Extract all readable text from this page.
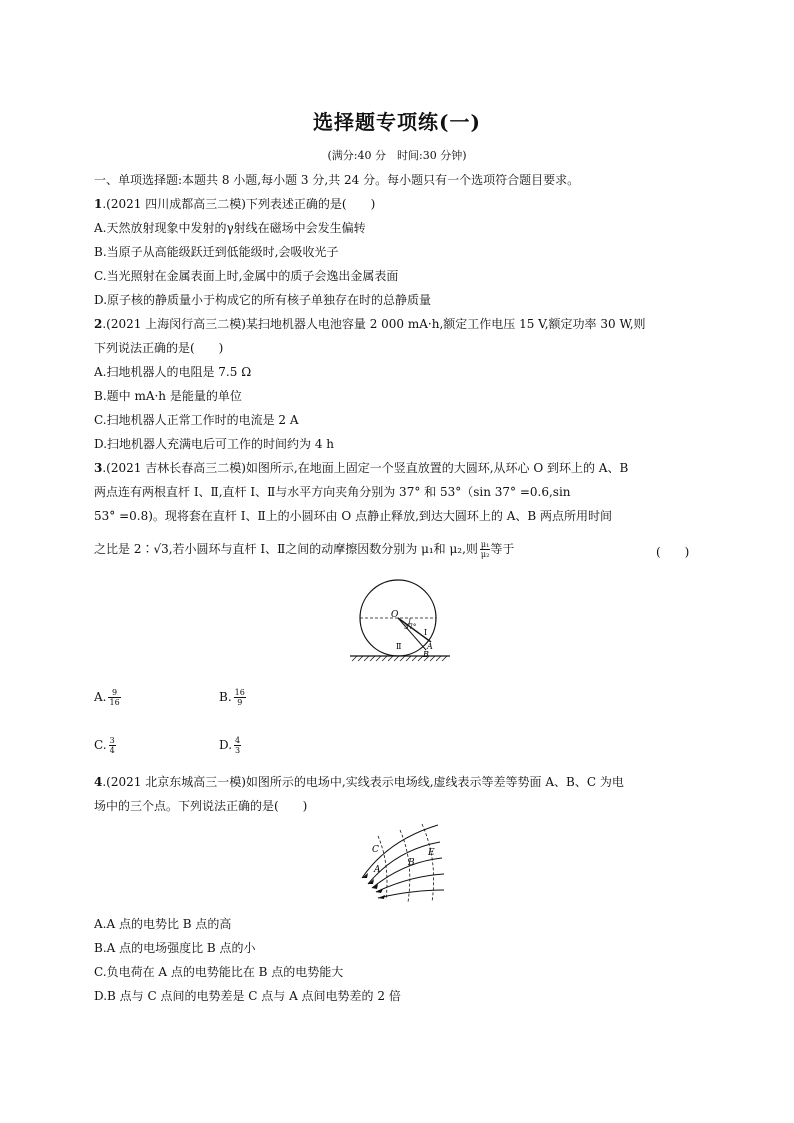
选择题专项练(一)
(满分:40 分　时间:30 分钟)
一、单项选择题:本题共 8 小题,每小题 3 分,共 24 分。每小题只有一个选项符合题目要求。
1.(2021 四川成都高三二模)下列表述正确的是(　　)
A.天然放射现象中发射的γ射线在磁场中会发生偏转
B.当原子从高能级跃迁到低能级时,会吸收光子
C.当光照射在金属表面上时,金属中的质子会逸出金属表面
D.原子核的静质量小于构成它的所有核子单独存在时的总静质量
2.(2021 上海闵行高三二模)某扫地机器人电池容量 2 000 mA·h,额定工作电压 15 V,额定功率 30 W,则
下列说法正确的是(　　)
A.扫地机器人的电阻是 7.5 Ω
B.题中 mA·h 是能量的单位
C.扫地机器人正常工作时的电流是 2 A
D.扫地机器人充满电后可工作的时间约为 4 h
3.(2021 吉林长春高三二模)如图所示,在地面上固定一个竖直放置的大圆环,从环心 O 到环上的 A、B
两点连有两根直杆 Ⅰ、Ⅱ,直杆 Ⅰ、Ⅱ与水平方向夹角分别为 37° 和 53°（sin 37° =0.6,sin
53° =0.8)。现将套在直杆 Ⅰ、Ⅱ上的小圆环由 O 点静止释放,到达大圆环上的 A、B 两点所用时间
之比是 2∶√3,若小圆环与直杆 Ⅰ、Ⅱ之间的动摩擦因数分别为 μ₁和 μ₂,则 $\frac{\text{μ₁}}{\text{μ₂}}$ 等于	(　　)
O
37°
Ⅰ
Ⅱ	A
B
A. $\frac{9}{16}$	B. $\frac{16}{9}$
C. $\frac{3}{4}$	D. $\frac{4}{3}$
4.(2021 北京东城高三一模)如图所示的电场中,实线表示电场线,虚线表示等差等势面 A、B、C 为电
场中的三个点。下列说法正确的是(　　)
C
A
B
E
A.A 点的电势比 B 点的高
B.A 点的电场强度比 B 点的小
C.负电荷在 A 点的电势能比在 B 点的电势能大
D.B 点与 C 点间的电势差是 C 点与 A 点间电势差的 2 倍
